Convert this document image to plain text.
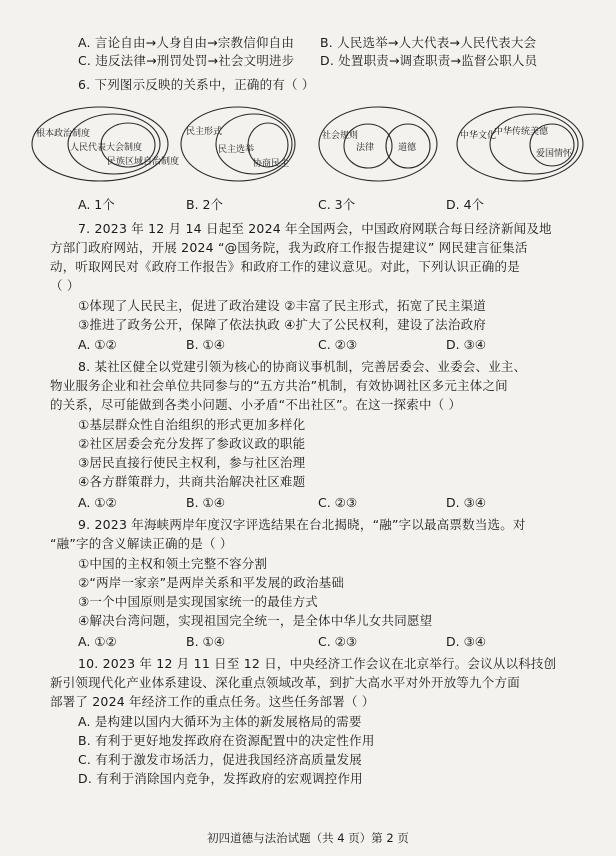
A. 言论自由→人身自由→宗教信仰自由 B. 人民选举→人大代表→人民代表大会
C. 违反法律→刑罚处罚→社会文明进步 D. 处置职责→调查职责→监督公职人员
6. 下列图示反映的关系中，正确的有（ ）
根本政治制度
人民代表大会制度
民族区域自治制度
民主形式
民主选举
协商民主
社会规则
法律	道德
中华文化
中华传统美德
爱国情怀
A. 1个	B. 2个	C. 3个	D. 4个
7. 2023 年 12 月 14 日起至 2024 年全国两会，中国政府网联合每日经济新闻及地
方部门政府网站，开展 2024 “@国务院，我为政府工作报告提建议” 网民建言征集活
动，听取网民对《政府工作报告》和政府工作的建议意见。对此，下列认识正确的是
（ ）
①体现了人民民主，促进了政治建设 ②丰富了民主形式，拓宽了民主渠道
③推进了政务公开，保障了依法执政 ④扩大了公民权利，建设了法治政府
A. ①②	B. ①④	C. ②③	D. ③④
8. 某社区健全以党建引领为核心的协商议事机制，完善居委会、业委会、业主、
物业服务企业和社会单位共同参与的“五方共治”机制，有效协调社区多元主体之间
的关系，尽可能做到各类小问题、小矛盾“不出社区”。在这一探索中（ ）
①基层群众性自治组织的形式更加多样化
②社区居委会充分发挥了参政议政的职能
③居民直接行使民主权利，参与社区治理
④各方群策群力，共商共治解决社区难题
A. ①②	B. ①④	C. ②③	D. ③④
9. 2023 年海峡两岸年度汉字评选结果在台北揭晓，“融”字以最高票数当选。对
“融”字的含义解读正确的是（ ）
①中国的主权和领土完整不容分割
②“两岸一家亲”是两岸关系和平发展的政治基础
③一个中国原则是实现国家统一的最佳方式
④解决台湾问题，实现祖国完全统一，是全体中华儿女共同愿望
A. ①②	B. ①④	C. ②③	D. ③④
10. 2023 年 12 月 11 日至 12 日，中央经济工作会议在北京举行。会议从以科技创
新引领现代化产业体系建设、深化重点领域改革，到扩大高水平对外开放等九个方面
部署了 2024 年经济工作的重点任务。这些任务部署（ ）
A. 是构建以国内大循环为主体的新发展格局的需要
B. 有利于更好地发挥政府在资源配置中的决定性作用
C. 有利于激发市场活力，促进我国经济高质量发展
D. 有利于消除国内竞争，发挥政府的宏观调控作用
初四道德与法治试题（共 4 页）第 2 页
